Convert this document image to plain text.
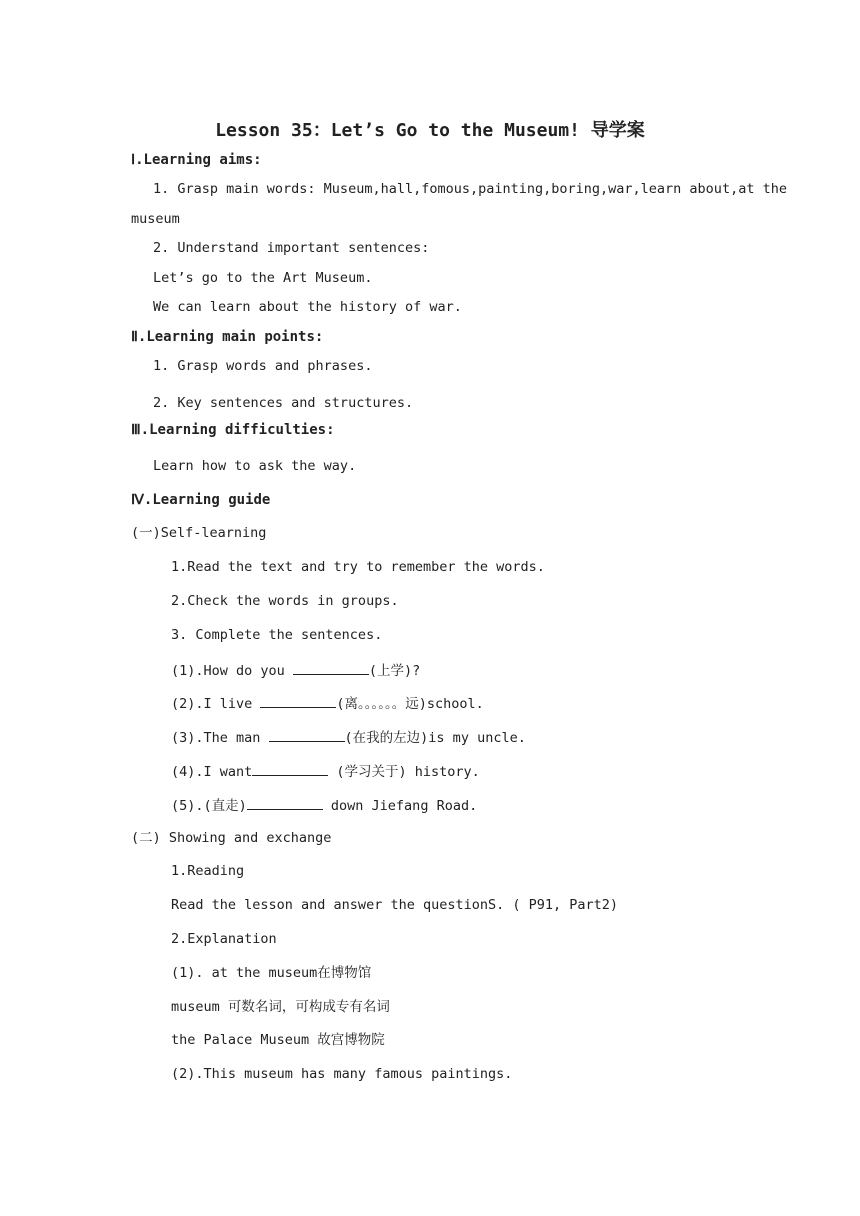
Lesson 35：Let’s Go to the Museum! 导学案
Ⅰ.Learning aims:
1. Grasp main words: Museum,hall,fomous,painting,boring,war,learn about,at the
museum
2. Understand important sentences:
Let’s go to the Art Museum.
We can learn about the history of war.
Ⅱ.Learning main points:
1. Grasp words and phrases.
2. Key sentences and structures.
Ⅲ.Learning difficulties:
Learn how to ask the way.
Ⅳ.Learning guide
(一)Self-learning
1.Read the text and try to remember the words.
2.Check the words in groups.
3. Complete the sentences.
(1).How do you	(上学)?
(2).I live	(离。。。。。。远)school.
(3).The man	(在我的左边)is my uncle.
(4).I want	(学习关于) history.
(5).(直走)	down Jiefang Road.
(二) Showing and exchange
1.Reading
Read the lesson and answer the questionS. ( P91, Part2)
2.Explanation
(1). at the museum在博物馆
museum 可数名词，可构成专有名词
the Palace Museum 故宫博物院
(2).This museum has many famous paintings.
